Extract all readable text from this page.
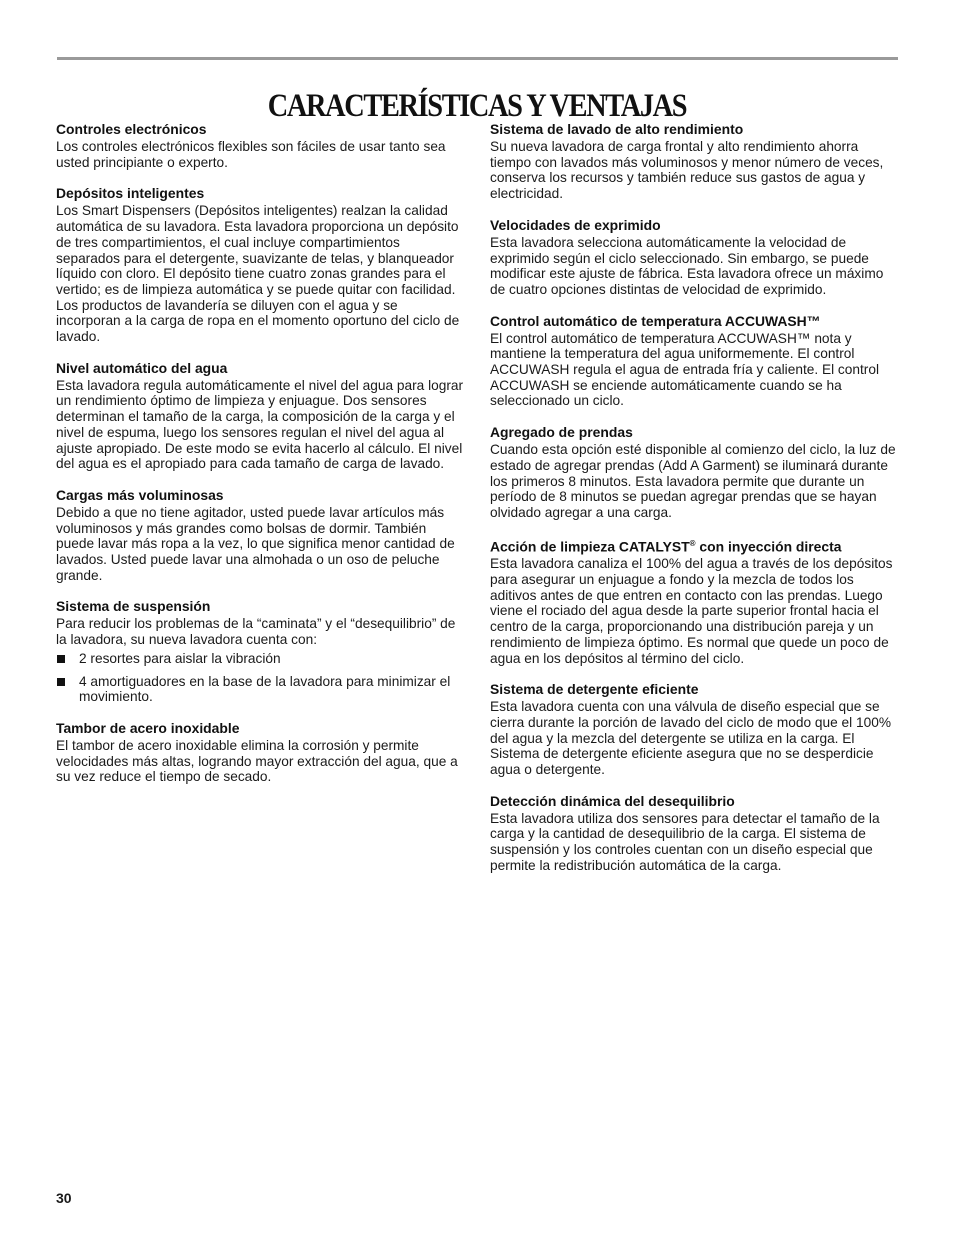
CARACTERÍSTICAS Y VENTAJAS
Controles electrónicos

Los controles electrónicos flexibles son fáciles de usar tanto sea usted principiante o experto.

Depósitos inteligentes

Los Smart Dispensers (Depósitos inteligentes) realzan la calidad automática de su lavadora. Esta lavadora proporciona un depósito de tres compartimientos, el cual incluye compartimientos separados para el detergente, suavizante de telas, y blanqueador líquido con cloro. El depósito tiene cuatro zonas grandes para el vertido; es de limpieza automática y se puede quitar con facilidad. Los productos de lavandería se diluyen con el agua y se incorporan a la carga de ropa en el momento oportuno del ciclo de lavado.

Nivel automático del agua

Esta lavadora regula automáticamente el nivel del agua para lograr un rendimiento óptimo de limpieza y enjuague. Dos sensores determinan el tamaño de la carga, la composición de la carga y el nivel de espuma, luego los sensores regulan el nivel del agua al ajuste apropiado. De este modo se evita hacerlo al cálculo. El nivel del agua es el apropiado para cada tamaño de carga de lavado.

Cargas más voluminosas

Debido a que no tiene agitador, usted puede lavar artículos más voluminosos y más grandes como bolsas de dormir. También puede lavar más ropa a la vez, lo que significa menor cantidad de lavados. Usted puede lavar una almohada o un oso de peluche grande.

Sistema de suspensión

Para reducir los problemas de la “caminata” y el “desequilibrio” de la lavadora, su nueva lavadora cuenta con:

2 resortes para aislar la vibración
4 amortiguadores en la base de la lavadora para minimizar el movimiento.
Tambor de acero inoxidable

El tambor de acero inoxidable elimina la corrosión y permite velocidades más altas, logrando mayor extracción del agua, que a su vez reduce el tiempo de secado.

Sistema de lavado de alto rendimiento

Su nueva lavadora de carga frontal y alto rendimiento ahorra tiempo con lavados más voluminosos y menor número de veces, conserva los recursos y también reduce sus gastos de agua y electricidad.

Velocidades de exprimido

Esta lavadora selecciona automáticamente la velocidad de exprimido según el ciclo seleccionado. Sin embargo, se puede modificar este ajuste de fábrica. Esta lavadora ofrece un máximo de cuatro opciones distintas de velocidad de exprimido.

Control automático de temperatura ACCUWASH™

El control automático de temperatura ACCUWASH™ nota y mantiene la temperatura del agua uniformemente. El control ACCUWASH regula el agua de entrada fría y caliente. El control ACCUWASH se enciende automáticamente cuando se ha seleccionado un ciclo.

Agregado de prendas

Cuando esta opción esté disponible al comienzo del ciclo, la luz de estado de agregar prendas (Add A Garment) se iluminará durante los primeros 8 minutos. Esta lavadora permite que durante un período de 8 minutos se puedan agregar prendas que se hayan olvidado agregar a una carga.

Acción de limpieza CATALYST® con inyección directa

Esta lavadora canaliza el 100% del agua a través de los depósitos para asegurar un enjuague a fondo y la mezcla de todos los aditivos antes de que entren en contacto con las prendas. Luego viene el rociado del agua desde la parte superior frontal hacia el centro de la carga, proporcionando una distribución pareja y un rendimiento de limpieza óptimo. Es normal que quede un poco de agua en los depósitos al término del ciclo.

Sistema de detergente eficiente

Esta lavadora cuenta con una válvula de diseño especial que se cierra durante la porción de lavado del ciclo de modo que el 100% del agua y la mezcla del detergente se utiliza en la carga. El Sistema de detergente eficiente asegura que no se desperdicie agua o detergente.

Detección dinámica del desequilibrio

Esta lavadora utiliza dos sensores para detectar el tamaño de la carga y la cantidad de desequilibrio de la carga. El sistema de suspensión y los controles cuentan con un diseño especial que permite la redistribución automática de la carga.

30
